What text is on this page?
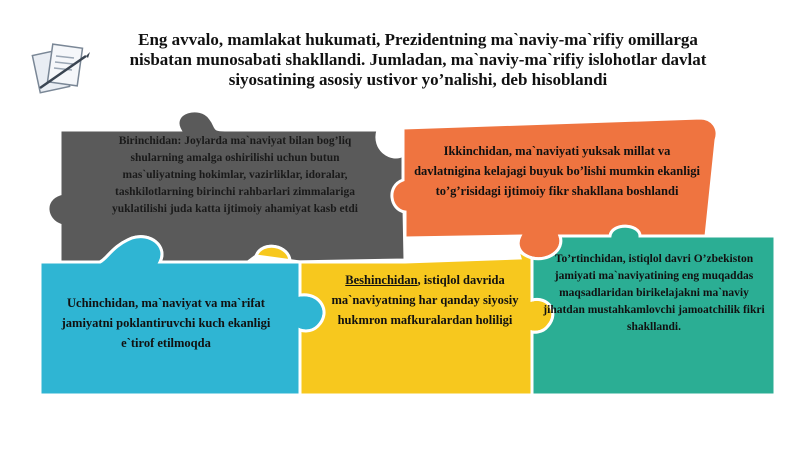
Eng avvalo, mamlakat hukumati, Prezidentning ma`naviy-ma`rifiy omillarga nisbatan munosabati shakllandi. Jumladan, ma`naviy-ma`rifiy islohotlar davlat siyosatining asosiy ustivor yo’nalishi, deb hisoblandi
Birinchidan: Joylarda ma`naviyat bilan bog’liq shularning amalga oshirilishi uchun butun mas`uliyatning hokimlar, vazirliklar, idoralar, tashkilotlarning birinchi rahbarlari zimmalariga yuklatilishi juda katta ijtimoiy ahamiyat kasb etdi
Ikkinchidan, ma`naviyati yuksak millat va davlatnigina kelajagi buyuk bo’lishi mumkin ekanligi to’g’risidagi ijtimoiy fikr shakllana boshlandi
Uchinchidan, ma`naviyat va ma`rifat jamiyatni poklantiruvchi kuch ekanligi e`tirof etilmoqda
Beshinchidan, istiqlol davrida ma`naviyatning har qanday siyosiy hukmron mafkuralardan holiligi
To’rtinchidan, istiqlol davri O’zbekiston jamiyati ma`naviyatining eng muqaddas maqsadlaridan birikelajakni ma`naviy jihatdan mustahkamlovchi jamoatchilik fikri shakllandi.
